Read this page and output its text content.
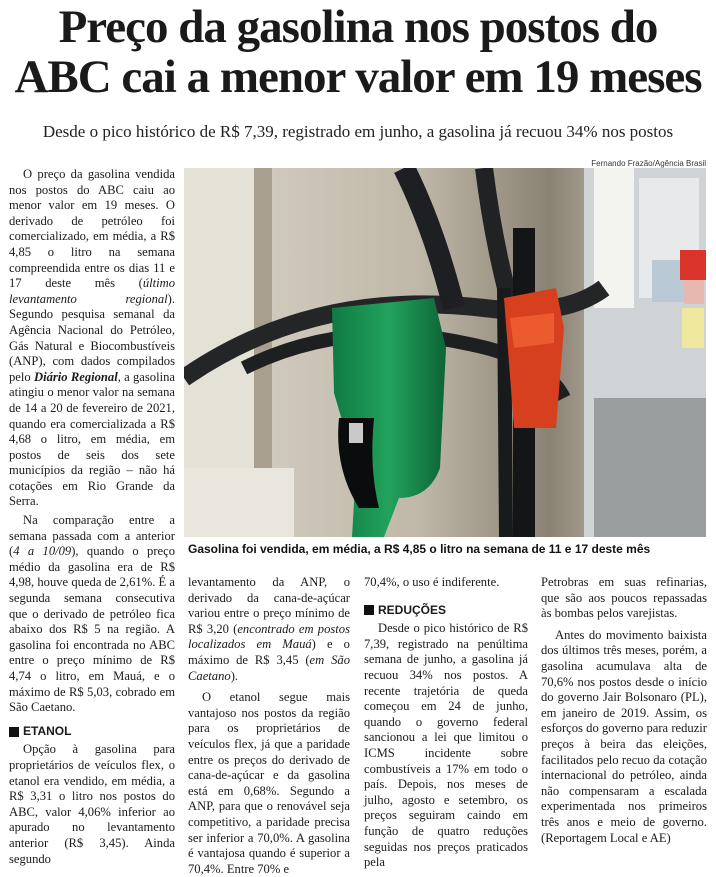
Preço da gasolina nos postos do
ABC cai a menor valor em 19 meses
Desde o pico histórico de R$ 7,39, registrado em junho, a gasolina já recuou 34% nos postos
Fernando Frazão/Agência Brasil

O preço da gasolina vendida nos postos do ABC caiu ao menor valor em 19 meses. O derivado de petróleo foi comercializado, em média, a R$ 4,85 o litro na semana compreendida entre os dias 11 e 17 deste mês (último levantamento regional). Segundo pesquisa semanal da Agência Nacional do Petróleo, Gás Natural e Biocombustíveis (ANP), com dados compilados pelo Diário Regional, a gasolina atingiu o menor valor na semana de 14 a 20 de fevereiro de 2021, quando era comercializada a R$ 4,68 o litro, em média, em postos de seis dos sete municípios da região – não há cotações em Rio Grande da Serra.

Na comparação entre a semana passada com a anterior (4 a 10/09), quando o preço médio da gasolina era de R$ 4,98, houve queda de 2,61%. É a segunda semana consecutiva que o derivado de petróleo fica abaixo dos R$ 5 na região. A gasolina foi encontrada no ABC entre o preço mínimo de R$ 4,74 o litro, em Mauá, e o máximo de R$ 5,03, cobrado em São Caetano.

ETANOL

Opção à gasolina para proprietários de veículos flex, o etanol era vendido, em média, a R$ 3,31 o litro nos postos do ABC, valor 4,06% inferior ao apurado no levantamento anterior (R$ 3,45). Ainda segundo

Gasolina foi vendida, em média, a R$ 4,85 o litro na semana de 11 e 17 deste mês

levantamento da ANP, o derivado da cana-de-açúcar variou entre o preço mínimo de R$ 3,20 (encontrado em postos localizados em Mauá) e o máximo de R$ 3,45 (em São Caetano).

O etanol segue mais vantajoso nos postos da região para os proprietários de veículos flex, já que a paridade entre os preços do derivado de cana-de-açúcar e da gasolina está em 0,68%. Segundo a ANP, para que o renovável seja competitivo, a paridade precisa ser inferior a 70,0%. A gasolina é vantajosa quando é superior a 70,4%. Entre 70% e

70,4%, o uso é indiferente.

REDUÇÕES

Desde o pico histórico de R$ 7,39, registrado na penúltima semana de junho, a gasolina já recuou 34% nos postos. A recente trajetória de queda começou em 24 de junho, quando o governo federal sancionou a lei que limitou o ICMS incidente sobre combustíveis a 17% em todo o país. Depois, nos meses de julho, agosto e setembro, os preços seguiram caindo em função de quatro reduções seguidas nos preços praticados pela

Petrobras em suas refinarias, que são aos poucos repassadas às bombas pelos varejistas.

Antes do movimento baixista dos últimos três meses, porém, a gasolina acumulava alta de 70,6% nos postos desde o início do governo Jair Bolsonaro (PL), em janeiro de 2019. Assim, os esforços do governo para reduzir preços à beira das eleições, facilitados pelo recuo da cotação internacional do petróleo, ainda não compensaram a escalada experimentada nos primeiros três anos e meio de governo. (Reportagem Local e AE)
